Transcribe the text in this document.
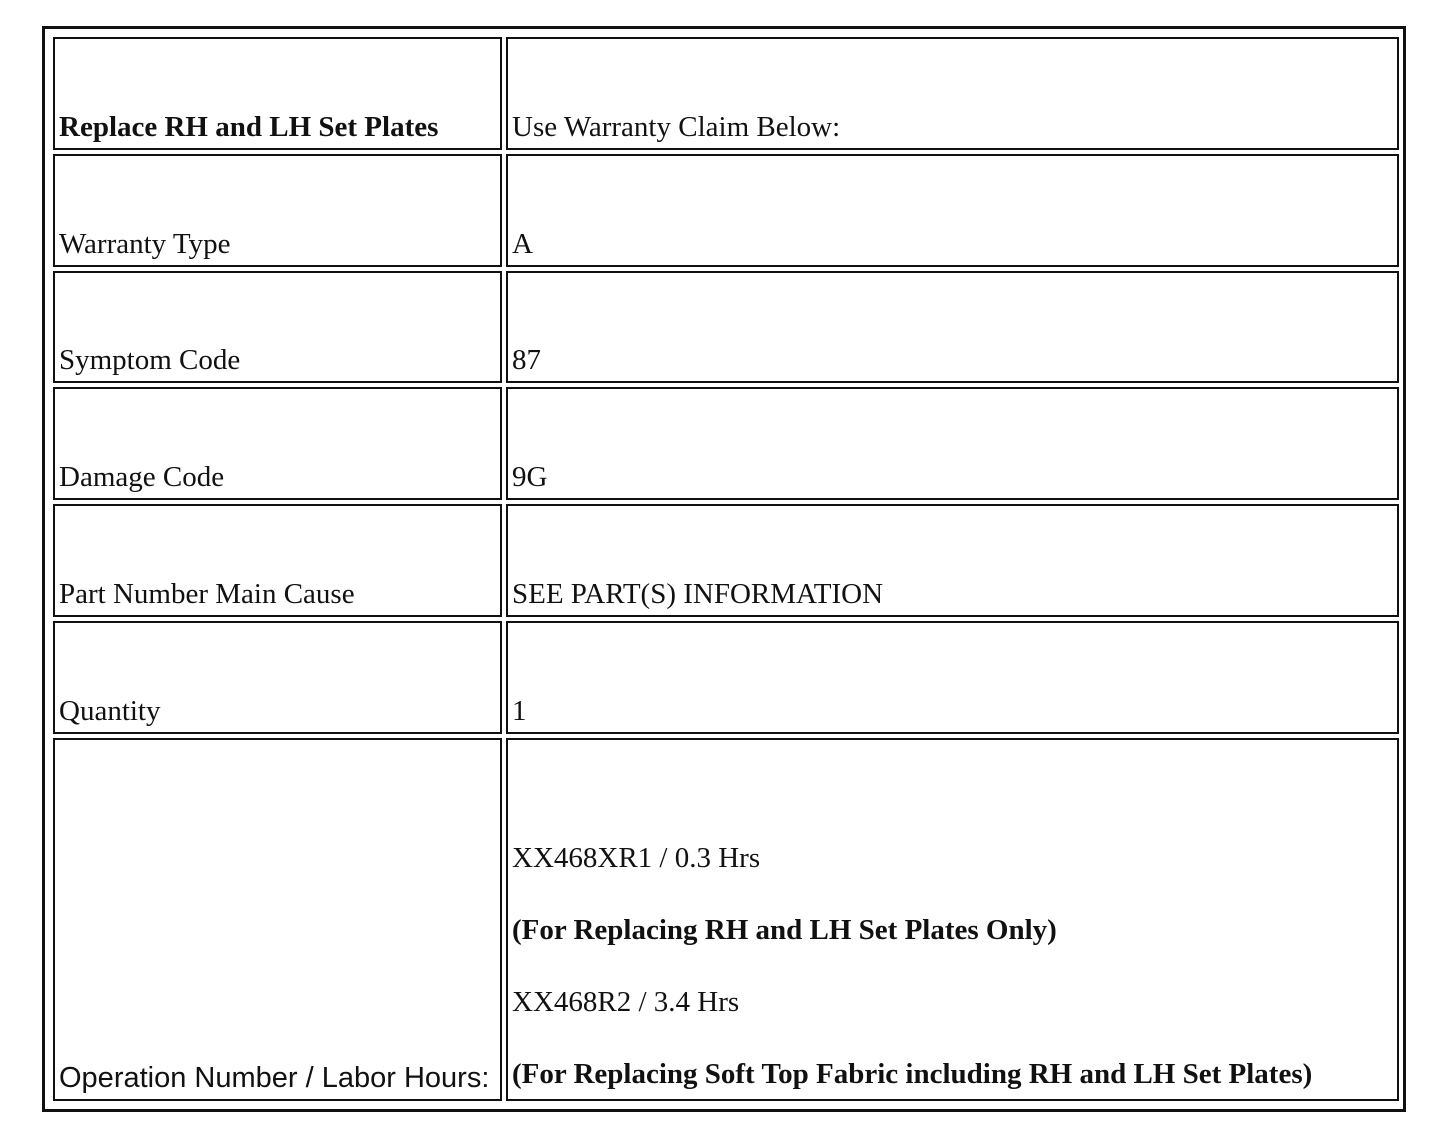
Replace RH and LH Set Plates	Use Warranty Claim Below:
Warranty Type	A
Symptom Code	87
Damage Code	9G
Part Number Main Cause	SEE PART(S) INFORMATION
Quantity	1
Operation Number / Labor Hours:	XX468XR1 / 0.3 Hrs

(For Replacing RH and LH Set Plates Only)

XX468R2 / 3.4 Hrs

(For Replacing Soft Top Fabric including RH and LH Set Plates)
